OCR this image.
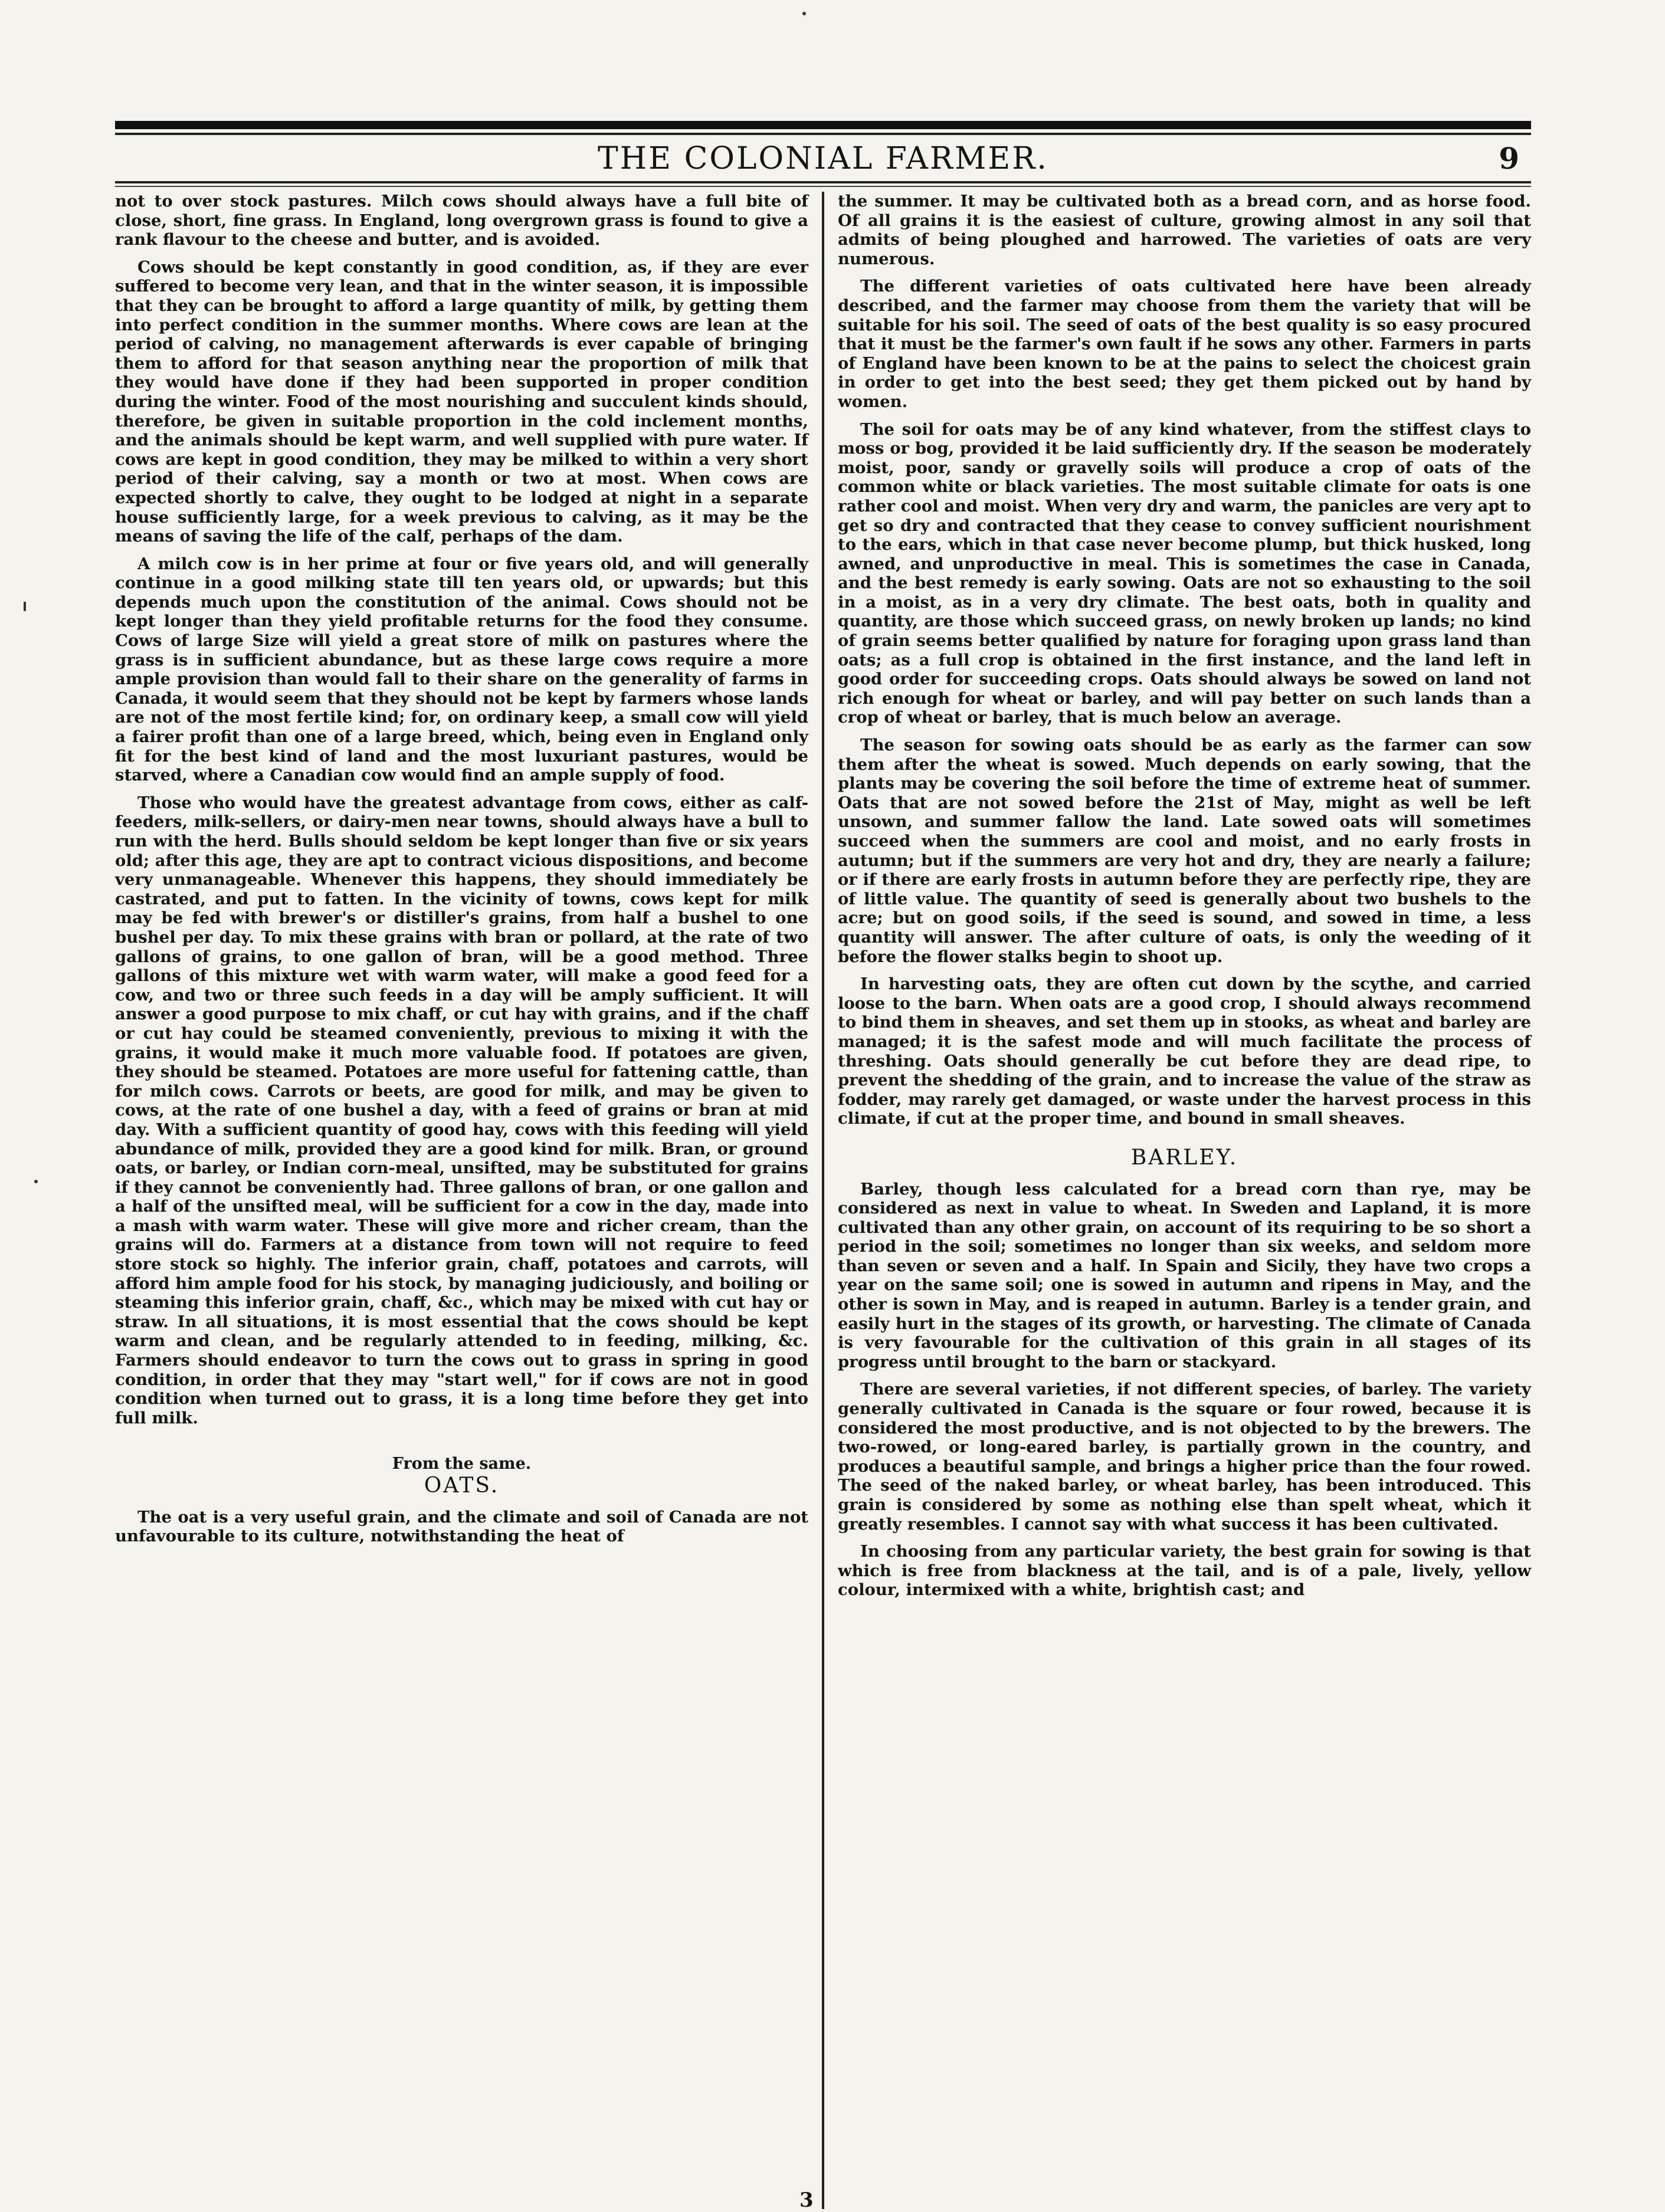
THE COLONIAL FARMER.	9

not to over stock pastures. Milch cows should always have a full bite of close, short, fine grass. In England, long overgrown grass is found to give a rank flavour to the cheese and butter, and is avoided.

Cows should be kept constantly in good condition, as, if they are ever suffered to become very lean, and that in the winter season, it is impossible that they can be brought to afford a large quantity of milk, by getting them into perfect condition in the summer months. Where cows are lean at the period of calving, no management afterwards is ever capable of bringing them to afford for that season anything near the proportion of milk that they would have done if they had been supported in proper condition during the winter. Food of the most nourishing and succulent kinds should, therefore, be given in suitable proportion in the cold inclement months, and the animals should be kept warm, and well supplied with pure water. If cows are kept in good condition, they may be milked to within a very short period of their calving, say a month or two at most. When cows are expected shortly to calve, they ought to be lodged at night in a separate house sufficiently large, for a week previous to calving, as it may be the means of saving the life of the calf, perhaps of the dam.

A milch cow is in her prime at four or five years old, and will generally continue in a good milking state till ten years old, or upwards; but this depends much upon the constitution of the animal. Cows should not be kept longer than they yield profitable returns for the food they consume. Cows of large Size will yield a great store of milk on pastures where the grass is in sufficient abundance, but as these large cows require a more ample provision than would fall to their share on the generality of farms in Canada, it would seem that they should not be kept by farmers whose lands are not of the most fertile kind; for, on ordinary keep, a small cow will yield a fairer profit than one of a large breed, which, being even in England only fit for the best kind of land and the most luxuriant pastures, would be starved, where a Canadian cow would find an ample supply of food.

Those who would have the greatest advantage from cows, either as calf-feeders, milk-sellers, or dairy-men near towns, should always have a bull to run with the herd. Bulls should seldom be kept longer than five or six years old; after this age, they are apt to contract vicious dispositions, and become very unmanageable. Whenever this happens, they should immediately be castrated, and put to fatten. In the vicinity of towns, cows kept for milk may be fed with brewer's or distiller's grains, from half a bushel to one bushel per day. To mix these grains with bran or pollard, at the rate of two gallons of grains, to one gallon of bran, will be a good method. Three gallons of this mixture wet with warm water, will make a good feed for a cow, and two or three such feeds in a day will be amply sufficient. It will answer a good purpose to mix chaff, or cut hay with grains, and if the chaff or cut hay could be steamed conveniently, previous to mixing it with the grains, it would make it much more valuable food. If potatoes are given, they should be steamed. Potatoes are more useful for fattening cattle, than for milch cows. Carrots or beets, are good for milk, and may be given to cows, at the rate of one bushel a day, with a feed of grains or bran at mid day. With a sufficient quantity of good hay, cows with this feeding will yield abundance of milk, provided they are a good kind for milk. Bran, or ground oats, or barley, or Indian corn-meal, unsifted, may be substituted for grains if they cannot be conveniently had. Three gallons of bran, or one gallon and a half of the unsifted meal, will be sufficient for a cow in the day, made into a mash with warm water. These will give more and richer cream, than the grains will do. Farmers at a distance from town will not require to feed store stock so highly. The inferior grain, chaff, potatoes and carrots, will afford him ample food for his stock, by managing judiciously, and boiling or steaming this inferior grain, chaff, &c., which may be mixed with cut hay or straw. In all situations, it is most essential that the cows should be kept warm and clean, and be regularly attended to in feeding, milking, &c. Farmers should endeavor to turn the cows out to grass in spring in good condition, in order that they may "start well," for if cows are not in good condition when turned out to grass, it is a long time before they get into full milk.

From the same.
OATS.

The oat is a very useful grain, and the climate and soil of Canada are not unfavourable to its culture, notwithstanding the heat of

the summer. It may be cultivated both as a bread corn, and as horse food. Of all grains it is the easiest of culture, growing almost in any soil that admits of being ploughed and harrowed. The varieties of oats are very numerous.

The different varieties of oats cultivated here have been already described, and the farmer may choose from them the variety that will be suitable for his soil. The seed of oats of the best quality is so easy procured that it must be the farmer's own fault if he sows any other. Farmers in parts of England have been known to be at the pains to select the choicest grain in order to get into the best seed; they get them picked out by hand by women.

The soil for oats may be of any kind whatever, from the stiffest clays to moss or bog, provided it be laid sufficiently dry. If the season be moderately moist, poor, sandy or gravelly soils will produce a crop of oats of the common white or black varieties. The most suitable climate for oats is one rather cool and moist. When very dry and warm, the panicles are very apt to get so dry and contracted that they cease to convey sufficient nourishment to the ears, which in that case never become plump, but thick husked, long awned, and unproductive in meal. This is sometimes the case in Canada, and the best remedy is early sowing. Oats are not so exhausting to the soil in a moist, as in a very dry climate. The best oats, both in quality and quantity, are those which succeed grass, on newly broken up lands; no kind of grain seems better qualified by nature for foraging upon grass land than oats; as a full crop is obtained in the first instance, and the land left in good order for succeeding crops. Oats should always be sowed on land not rich enough for wheat or barley, and will pay better on such lands than a crop of wheat or barley, that is much below an average.

The season for sowing oats should be as early as the farmer can sow them after the wheat is sowed. Much depends on early sowing, that the plants may be covering the soil before the time of extreme heat of summer. Oats that are not sowed before the 21st of May, might as well be left unsown, and summer fallow the land. Late sowed oats will sometimes succeed when the summers are cool and moist, and no early frosts in autumn; but if the summers are very hot and dry, they are nearly a failure; or if there are early frosts in autumn before they are perfectly ripe, they are of little value. The quantity of seed is generally about two bushels to the acre; but on good soils, if the seed is sound, and sowed in time, a less quantity will answer. The after culture of oats, is only the weeding of it before the flower stalks begin to shoot up.

In harvesting oats, they are often cut down by the scythe, and carried loose to the barn. When oats are a good crop, I should always recommend to bind them in sheaves, and set them up in stooks, as wheat and barley are managed; it is the safest mode and will much facilitate the process of threshing. Oats should generally be cut before they are dead ripe, to prevent the shedding of the grain, and to increase the value of the straw as fodder, may rarely get damaged, or waste under the harvest process in this climate, if cut at the proper time, and bound in small sheaves.

BARLEY.

Barley, though less calculated for a bread corn than rye, may be considered as next in value to wheat. In Sweden and Lapland, it is more cultivated than any other grain, on account of its requiring to be so short a period in the soil; sometimes no longer than six weeks, and seldom more than seven or seven and a half. In Spain and Sicily, they have two crops a year on the same soil; one is sowed in autumn and ripens in May, and the other is sown in May, and is reaped in autumn. Barley is a tender grain, and easily hurt in the stages of its growth, or harvesting. The climate of Canada is very favourable for the cultivation of this grain in all stages of its progress until brought to the barn or stackyard.

There are several varieties, if not different species, of barley. The variety generally cultivated in Canada is the square or four rowed, because it is considered the most productive, and is not objected to by the brewers. The two-rowed, or long-eared barley, is partially grown in the country, and produces a beautiful sample, and brings a higher price than the four rowed. The seed of the naked barley, or wheat barley, has been introduced. This grain is considered by some as nothing else than spelt wheat, which it greatly resembles. I cannot say with what success it has been cultivated.

In choosing from any particular variety, the best grain for sowing is that which is free from blackness at the tail, and is of a pale, lively, yellow colour, intermixed with a white, brightish cast; and

3
